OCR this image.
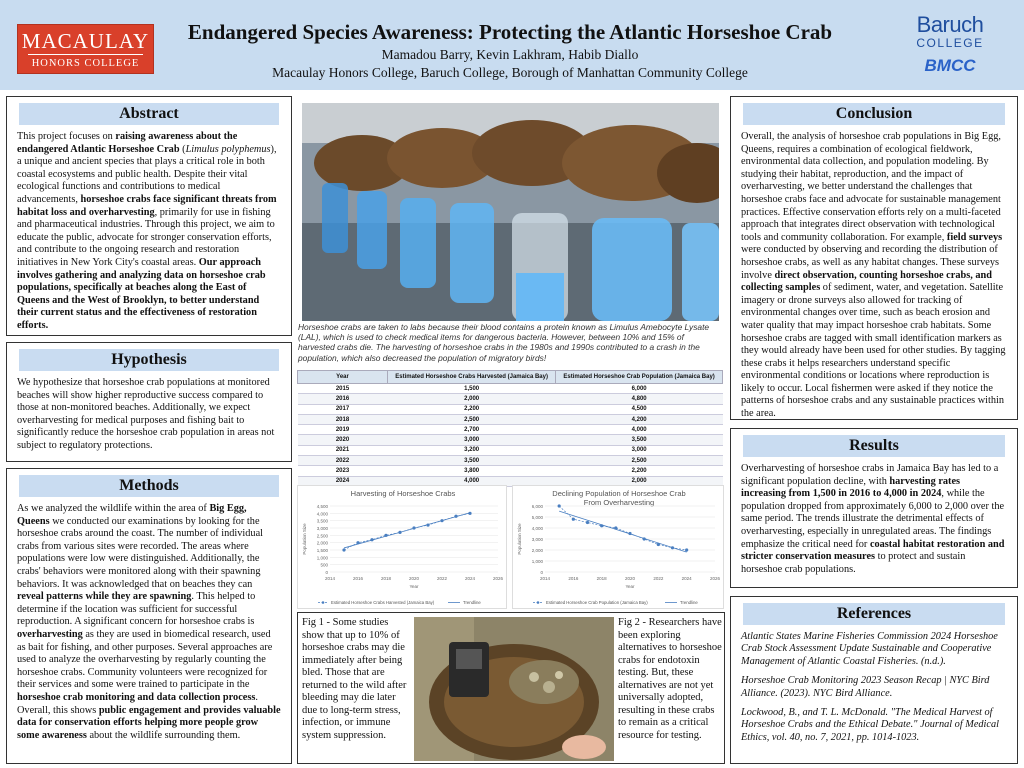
MACAULAY
HONORS COLLEGE
Endangered Species Awareness: Protecting the Atlantic Horseshoe Crab
Mamadou Barry, Kevin Lakhram, Habib Diallo
Macaulay Honors College, Baruch College, Borough of Manhattan Community College
Baruch
COLLEGE
BMCC
Abstract
This project focuses on raising awareness about the endangered Atlantic Horseshoe Crab (Limulus polyphemus), a unique and ancient species that plays a critical role in both coastal ecosystems and public health. Despite their vital ecological functions and contributions to medical advancements, horseshoe crabs face significant threats from habitat loss and overharvesting, primarily for use in fishing and pharmaceutical industries. Through this project, we aim to educate the public, advocate for stronger conservation efforts, and contribute to the ongoing research and restoration initiatives in New York City's coastal areas. Our approach involves gathering and analyzing data on horseshoe crab populations, specifically at beaches along the East of Queens and the West of Brooklyn, to better understand their current status and the effectiveness of restoration efforts.
Hypothesis
We hypothesize that horseshoe crab populations at monitored beaches will show higher reproductive success compared to those at non-monitored beaches. Additionally, we expect overharvesting for medical purposes and fishing bait to significantly reduce the horseshoe crab population in areas not subject to regulatory protections.
Methods
As we analyzed the wildlife within the area of Big Egg, Queens we conducted our examinations by looking for the horseshoe crabs around the coast. The number of individual crabs from various sites were recorded. The areas where populations were low were distinguished. Additionally, the crabs' behaviors were monitored along with their spawning behaviors. It was acknowledged that on beaches they can reveal patterns while they are spawning. This helped to determine if the location was sufficient for successful reproduction. A significant concern for horseshoe crabs is overharvesting as they are used in biomedical research, used as bait for fishing, and other purposes. Several approaches are used to analyze the overharvesting by regularly counting the horseshoe crabs. Community volunteers were recognized for their services and some were trained to participate in the horseshoe crab monitoring and data collection process. Overall, this shows public engagement and provides valuable data for conservation efforts helping more people grow some awareness about the wildlife surrounding them.
Horseshoe crabs are taken to labs because their blood contains a protein known as Limulus Amebocyte Lysate (LAL), which is used to check medical items for dangerous bacteria. However, between 10% and 15% of harvested crabs die. The harvesting of horseshoe crabs in the 1980s and 1990s contributed to a crash in the population, which also decreased the population of migratory birds!
Year	Estimated Horseshoe Crabs Harvested (Jamaica Bay)	Estimated Horseshoe Crab Population (Jamaica Bay)
2015	1,500	6,000
2016	2,000	4,800
2017	2,200	4,500
2018	2,500	4,200
2019	2,700	4,000
2020	3,000	3,500
2021	3,200	3,000
2022	3,500	2,500
2023	3,800	2,200
2024	4,000	2,000
Harvesting of Horseshoe Crabs
0
500
1,000
1,500
2,000
2,500
3,000
3,500
4,000
4,500
2014	2016	2018	2020	2022	2024	2026
Year
Population Size
Estimated Horseshoe Crabs Harvested (Jamaica Bay)	Trendline
Declining Population of Horseshoe Crab
From Overharvesting
0
1,000
2,000
3,000
4,000
5,000
6,000
2014	2016	2018	2020	2022	2024	2026
Year
Population Size
Estimated Horseshoe Crab Population (Jamaica Bay)	Trendline
Fig 1 - Some studies show that up to 10% of horseshoe crabs may die immediately after being bled. Those that are returned to the wild after bleeding may die later due to long-term stress, infection, or immune system suppression.
Fig 2 - Researchers have been exploring alternatives to horseshoe crabs for endotoxin testing. But, these alternatives are not yet universally adopted, resulting in these crabs to remain as a critical resource for testing.
Conclusion
Overall, the analysis of horseshoe crab populations in Big Egg, Queens, requires a combination of ecological fieldwork, environmental data collection, and population modeling. By studying their habitat, reproduction, and the impact of overharvesting, we better understand the challenges that horseshoe crabs face and advocate for sustainable management practices. Effective conservation efforts rely on a multi-faceted approach that integrates direct observation with technological tools and community collaboration. For example, field surveys were conducted by observing and recording the distribution of horseshoe crabs, as well as any habitat changes. These surveys involve direct observation, counting horseshoe crabs, and collecting samples of sediment, water, and vegetation. Satellite imagery or drone surveys also allowed for tracking of environmental changes over time, such as beach erosion and water quality that may impact horseshoe crab habitats. Some horseshoe crabs are tagged with small identification markers as they would already have been used for other studies. By tagging these crabs it helps researchers understand specific environmental conditions or locations where reproduction is likely to occur. Local fishermen were asked if they notice the patterns of horseshoe crabs and any sustainable practices within the area.
Results
Overharvesting of horseshoe crabs in Jamaica Bay has led to a significant population decline, with harvesting rates increasing from 1,500 in 2016 to 4,000 in 2024, while the population dropped from approximately 6,000 to 2,000 over the same period. The trends illustrate the detrimental effects of overharvesting, especially in unregulated areas. The findings emphasize the critical need for coastal habitat restoration and stricter conservation measures to protect and sustain horseshoe crab populations.
References

Atlantic States Marine Fisheries Commission 2024 Horseshoe Crab Stock Assessment Update Sustainable and Cooperative Management of Atlantic Coastal Fisheries. (n.d.).

Horseshoe Crab Monitoring 2023 Season Recap | NYC Bird Alliance. (2023). NYC Bird Alliance.

Lockwood, B., and T. L. McDonald. "The Medical Harvest of Horseshoe Crabs and the Ethical Debate." Journal of Medical Ethics, vol. 40, no. 7, 2021, pp. 1014-1023.
